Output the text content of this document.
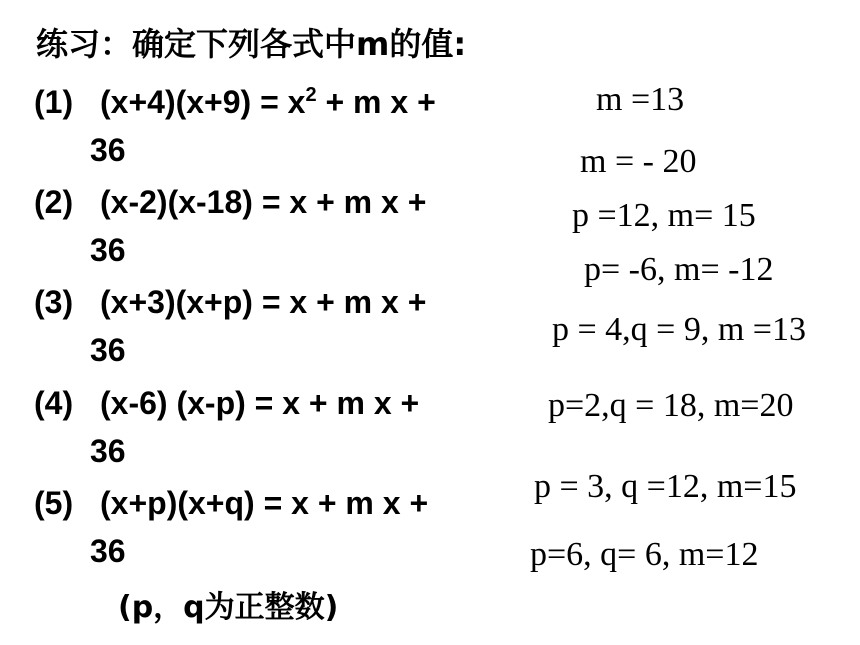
练习：确定下列各式中m的值:
(1) $(x+4)(x+9) = x^2 + m$ x +
36
(2) (x-2)(x-18) = x + m x +
36
(3) (x+3)(x+p) = x + m x +
36
(4) (x-6) (x-p) = x + m x +
36
(5) (x+p)(x+q) = x + m x +
36
(p，q为正整数)
m =13
m = - 20
p =12, m= 15
p= -6, m= -12
p = 4,q = 9, m =13
p=2,q = 18, m=20
p = 3, q =12, m=15
p=6, q= 6, m=12
